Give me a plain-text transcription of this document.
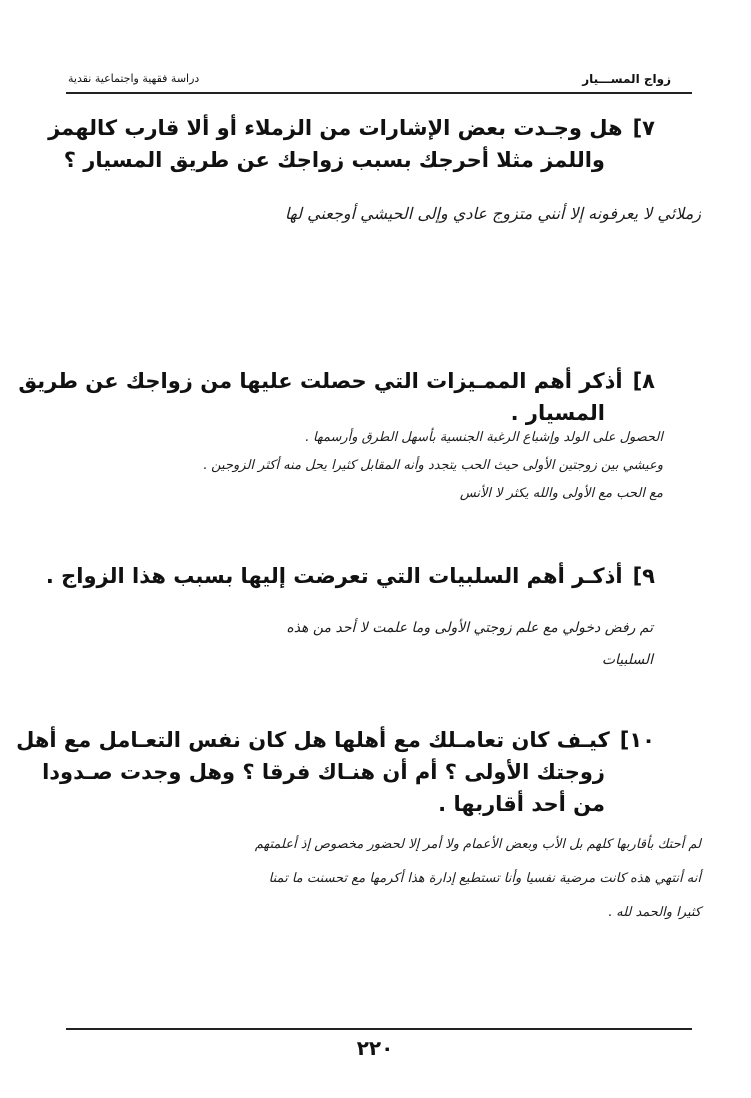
زواج المســـيار
دراسة فقهية واجتماعية نقدية
٧]هل وجـدت بعض الإشارات من الزملاء أو ألا قارب كالهمز
واللمز مثلا أحرجك بسبب زواجك عن طريق المسيار ؟
زملائي لا يعرفونه إلا أنني متزوج عادي وإلى الحيشي أوجعني لها
٨]أذكر أهم الممـيزات التي حصلت عليها من زواجك عن طريق
المسيار .
الحصول على الولد وإشباع الرغبة الجنسية بأسهل الطرق وأرسمها .
وعيشي بين زوجتين الأولى حيث الحب يتجدد وأنه المقابل كثيرا يحل منه أكثر الزوجين .
مع الحب مع الأولى والله يكثر لا الأنس
٩]أذكـر أهم السلبيات التي تعرضت إليها بسبب هذا الزواج .
تم رفض دخولي مع علم زوجتي الأولى وما علمت لا أحد من هذه
السلبيات
١٠]كيـف كان تعامـلك مع أهلها هل كان نفس التعـامل مع أهل
زوجتك الأولى ؟ أم أن هنـاك فرقا ؟ وهل وجدت صـدودا
من أحد أقاربها .
لم أحتك بأقاربها كلهم بل الأب وبعض الأعمام ولا أمر إلا لحضور مخصوص إذ أعلمتهم
أنه أنتهي هذه كانت مرضية نفسيا وأنا تستطيع إدارة هذا أكرمها مع تحسنت ما تمنا
كثيرا والحمد لله .
٢٢٠
